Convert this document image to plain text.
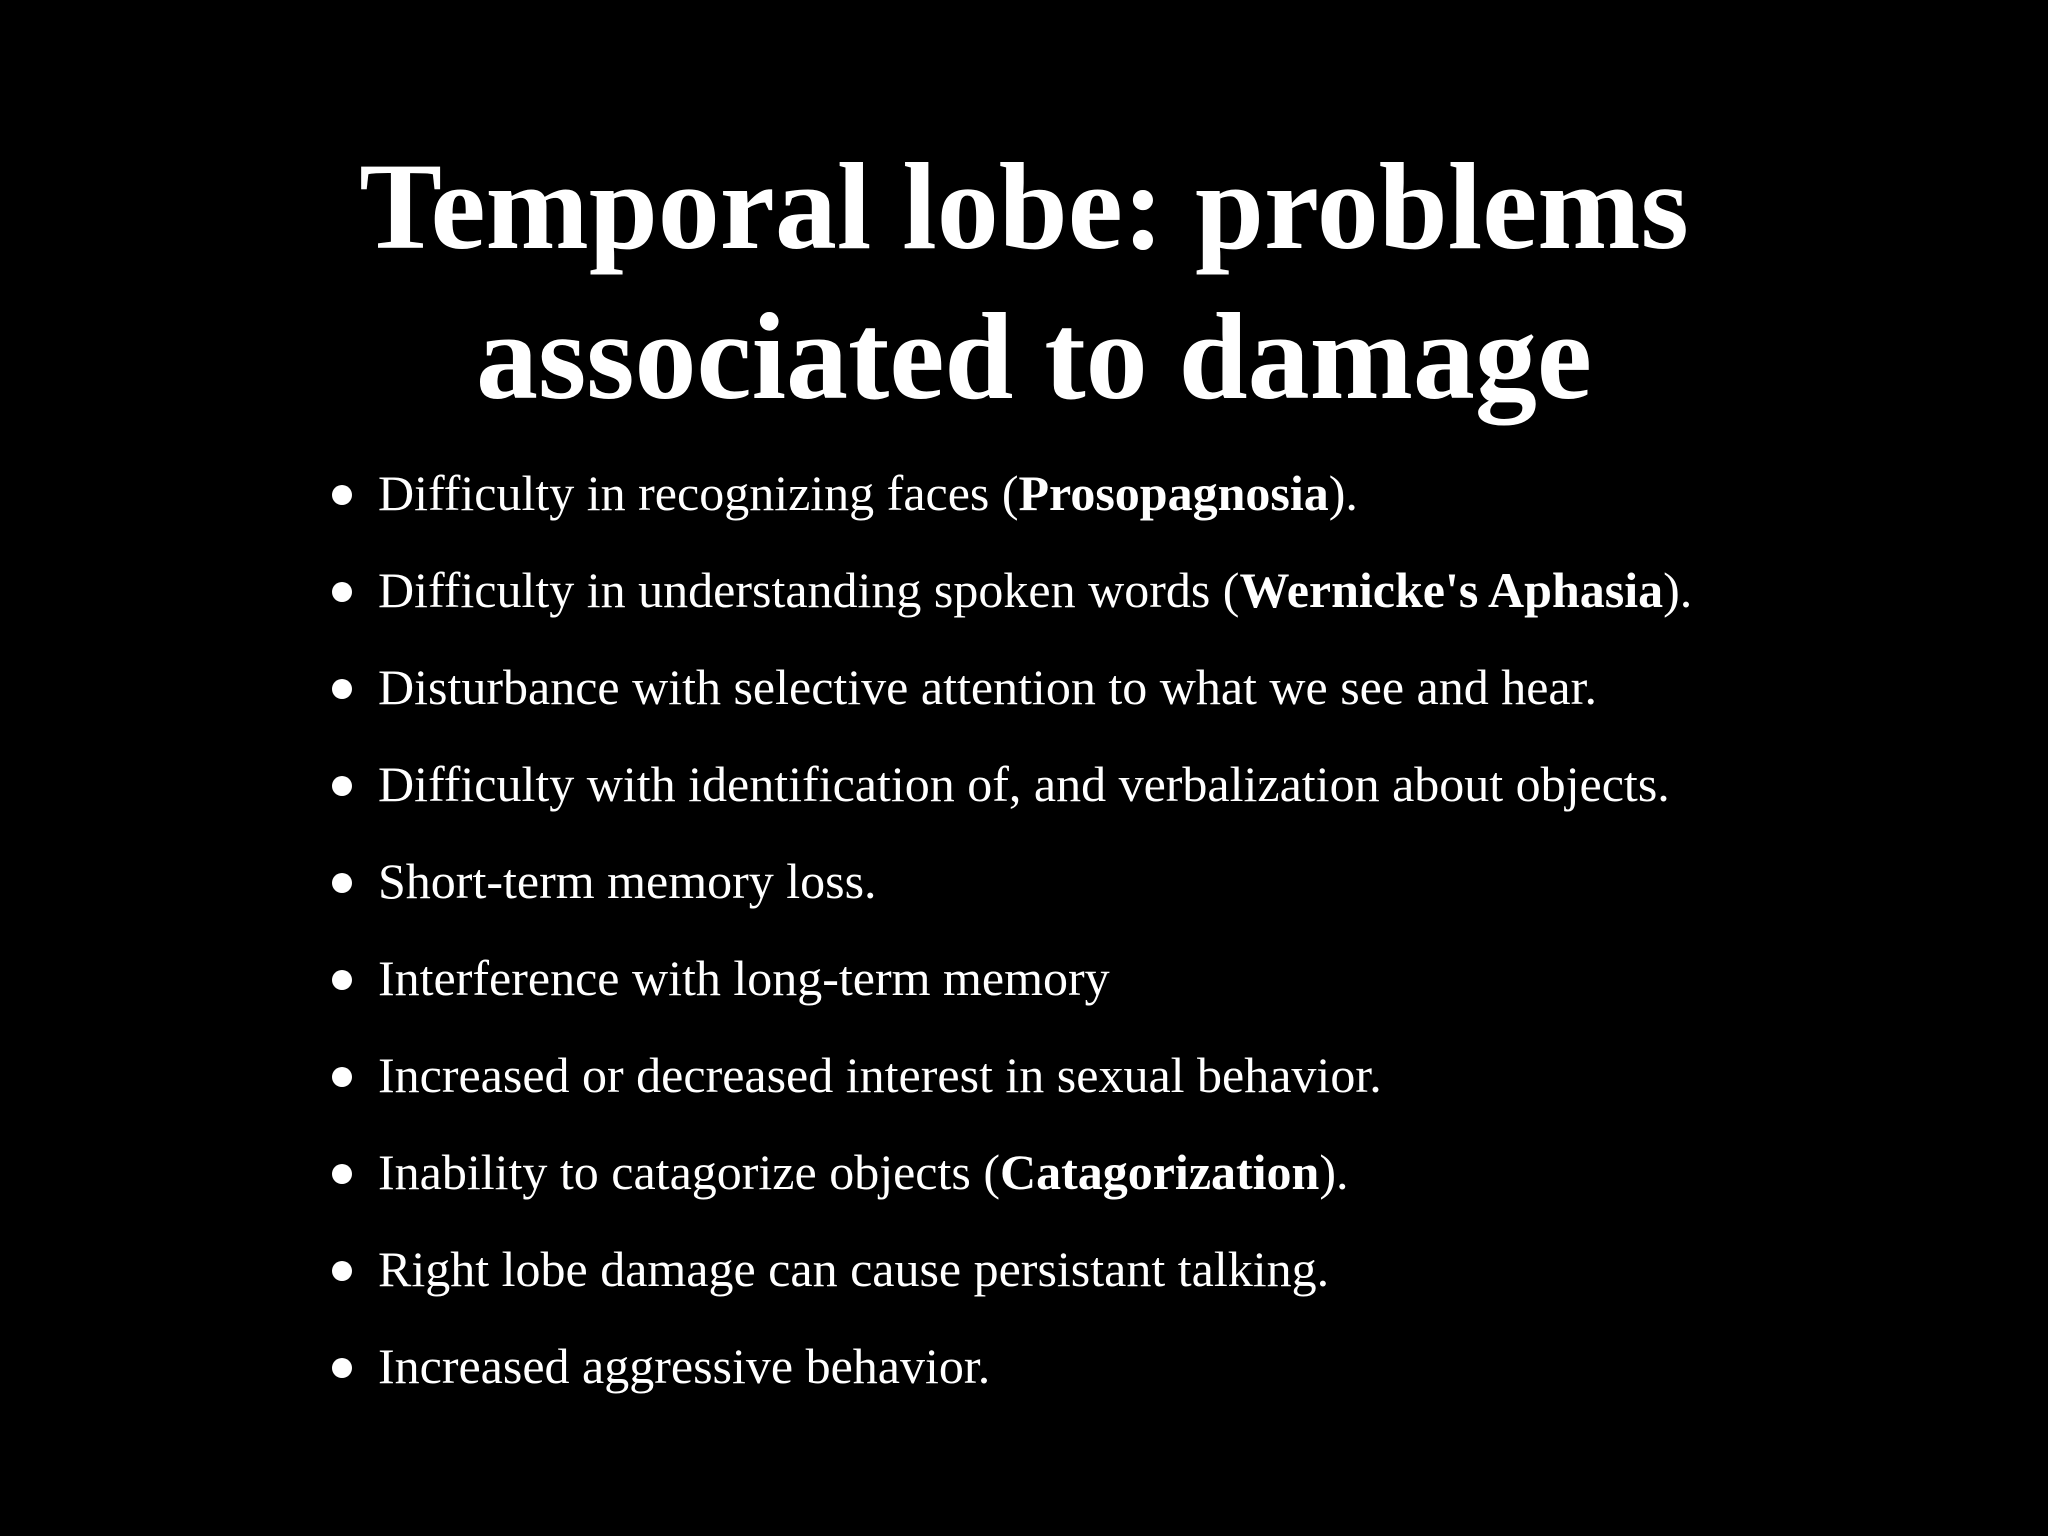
Temporal lobe: problems
associated to damage
Difficulty in recognizing faces (Prosopagnosia).
Difficulty in understanding spoken words (Wernicke's Aphasia).
Disturbance with selective attention to what we see and hear.
Difficulty with identification of, and verbalization about objects.
Short-term memory loss.
Interference with long-term memory
Increased or decreased interest in sexual behavior.
Inability to catagorize objects (Catagorization).
Right lobe damage can cause persistant talking.
Increased aggressive behavior.
